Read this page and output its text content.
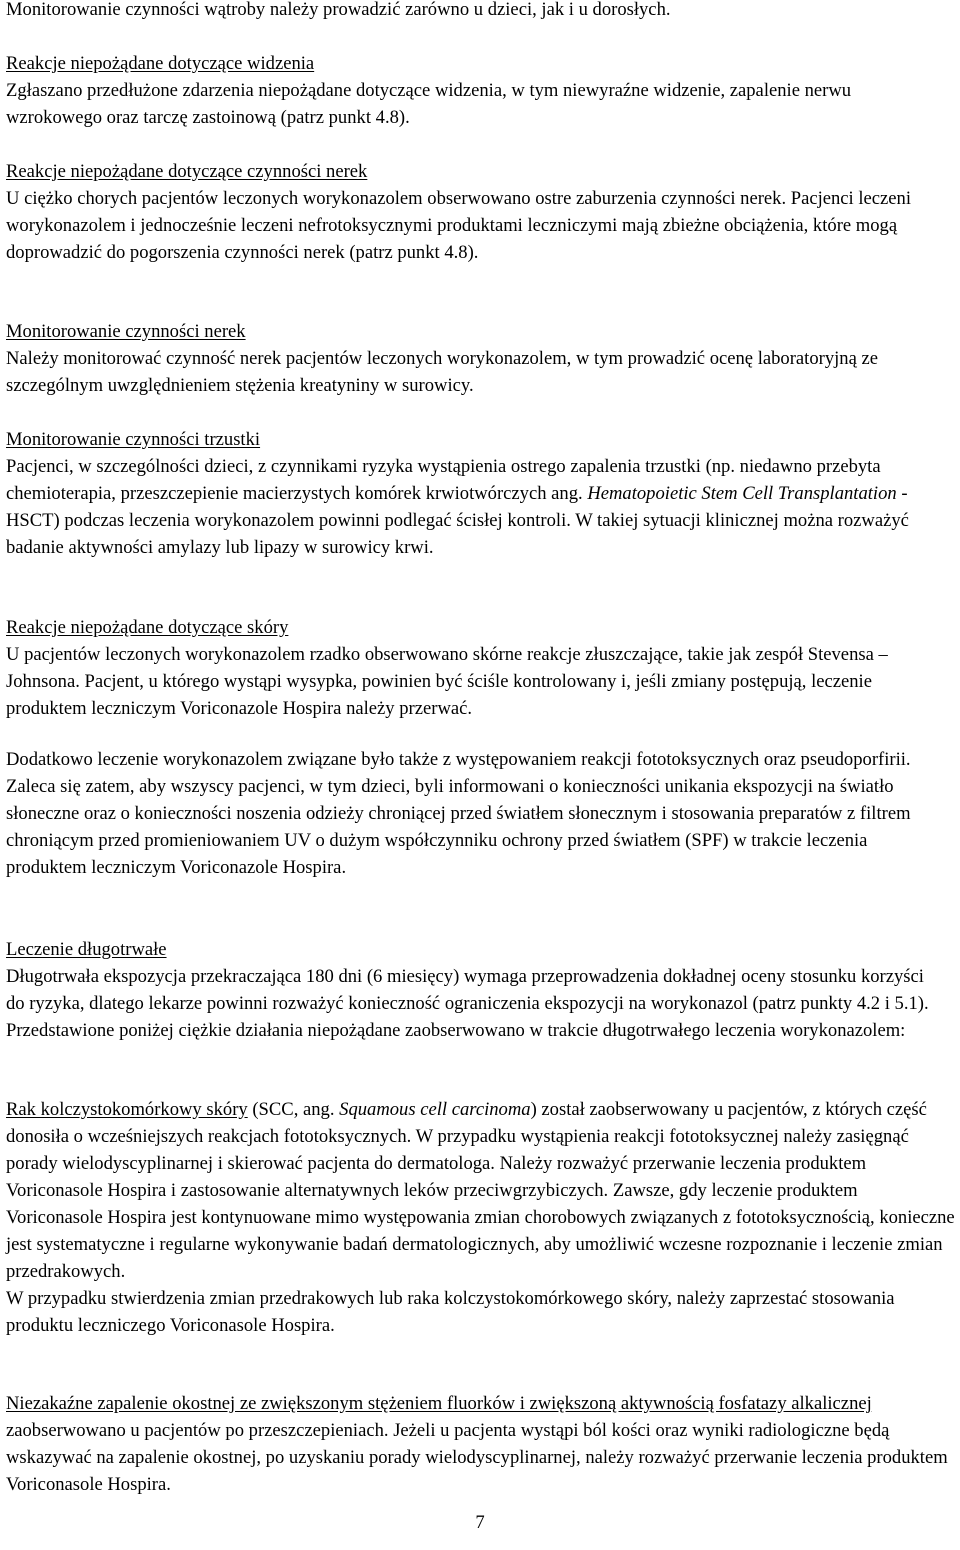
Monitorowanie czynności wątroby należy prowadzić zarówno u dzieci, jak i u dorosłych.

Reakcje niepożądane dotyczące widzenia

Zgłaszano przedłużone zdarzenia niepożądane dotyczące widzenia, w tym niewyraźne widzenie, zapalenie nerwu wzrokowego oraz tarczę zastoinową (patrz punkt 4.8).

Reakcje niepożądane dotyczące czynności nerek

U ciężko chorych pacjentów leczonych worykonazolem obserwowano ostre zaburzenia czynności nerek. Pacjenci leczeni worykonazolem i jednocześnie leczeni nefrotoksycznymi produktami leczniczymi mają zbieżne obciążenia, które mogą doprowadzić do pogorszenia czynności nerek (patrz punkt 4.8).

Monitorowanie czynności nerek

Należy monitorować czynność nerek pacjentów leczonych worykonazolem, w tym prowadzić ocenę laboratoryjną ze szczególnym uwzględnieniem stężenia kreatyniny w surowicy.

Monitorowanie czynności trzustki

Pacjenci, w szczególności dzieci, z czynnikami ryzyka wystąpienia ostrego zapalenia trzustki (np. niedawno przebyta chemioterapia, przeszczepienie macierzystych komórek krwiotwórczych ang. Hematopoietic Stem Cell Transplantation - HSCT) podczas leczenia worykonazolem powinni podlegać ścisłej kontroli. W takiej sytuacji klinicznej można rozważyć badanie aktywności amylazy lub lipazy w surowicy krwi.

Reakcje niepożądane dotyczące skóry

U pacjentów leczonych worykonazolem rzadko obserwowano skórne reakcje złuszczające, takie jak zespół Stevensa – Johnsona. Pacjent, u którego wystąpi wysypka, powinien być ściśle kontrolowany i, jeśli zmiany postępują, leczenie produktem leczniczym Voriconazole Hospira należy przerwać.

Dodatkowo leczenie worykonazolem związane było także z występowaniem reakcji fototoksycznych oraz pseudoporfirii. Zaleca się zatem, aby wszyscy pacjenci, w tym dzieci, byli informowani o konieczności unikania ekspozycji na światło słoneczne oraz o konieczności noszenia odzieży chroniącej przed światłem słonecznym i stosowania preparatów z filtrem chroniącym przed promieniowaniem UV o dużym współczynniku ochrony przed światłem (SPF) w trakcie leczenia produktem leczniczym Voriconazole Hospira.

Leczenie długotrwałe

Długotrwała ekspozycja przekraczająca 180 dni (6 miesięcy) wymaga przeprowadzenia dokładnej oceny stosunku korzyści do ryzyka, dlatego lekarze powinni rozważyć konieczność ograniczenia ekspozycji na worykonazol (patrz punkty 4.2 i 5.1). Przedstawione poniżej ciężkie działania niepożądane zaobserwowano w trakcie długotrwałego leczenia worykonazolem:

Rak kolczystokomórkowy skóry (SCC, ang. Squamous cell carcinoma) został zaobserwowany u pacjentów, z których część donosiła o wcześniejszych reakcjach fototoksycznych. W przypadku wystąpienia reakcji fototoksycznej należy zasięgnąć porady wielodyscyplinarnej i skierować pacjenta do dermatologa. Należy rozważyć przerwanie leczenia produktem Voriconasole Hospira i zastosowanie alternatywnych leków przeciwgrzybiczych. Zawsze, gdy leczenie produktem Voriconasole Hospira jest kontynuowane mimo występowania zmian chorobowych związanych z fototoksycznością, konieczne jest systematyczne i regularne wykonywanie badań dermatologicznych, aby umożliwić wczesne rozpoznanie i leczenie zmian przedrakowych.

W przypadku stwierdzenia zmian przedrakowych lub raka kolczystokomórkowego skóry, należy zaprzestać stosowania produktu leczniczego Voriconasole Hospira.

Niezakaźne zapalenie okostnej ze zwiększonym stężeniem fluorków i zwiększoną aktywnością fosfatazy alkalicznej zaobserwowano u pacjentów po przeszczepieniach. Jeżeli u pacjenta wystąpi ból kości oraz wyniki radiologiczne będą wskazywać na zapalenie okostnej, po uzyskaniu porady wielodyscyplinarnej, należy rozważyć przerwanie leczenia produktem Voriconasole Hospira.

7
